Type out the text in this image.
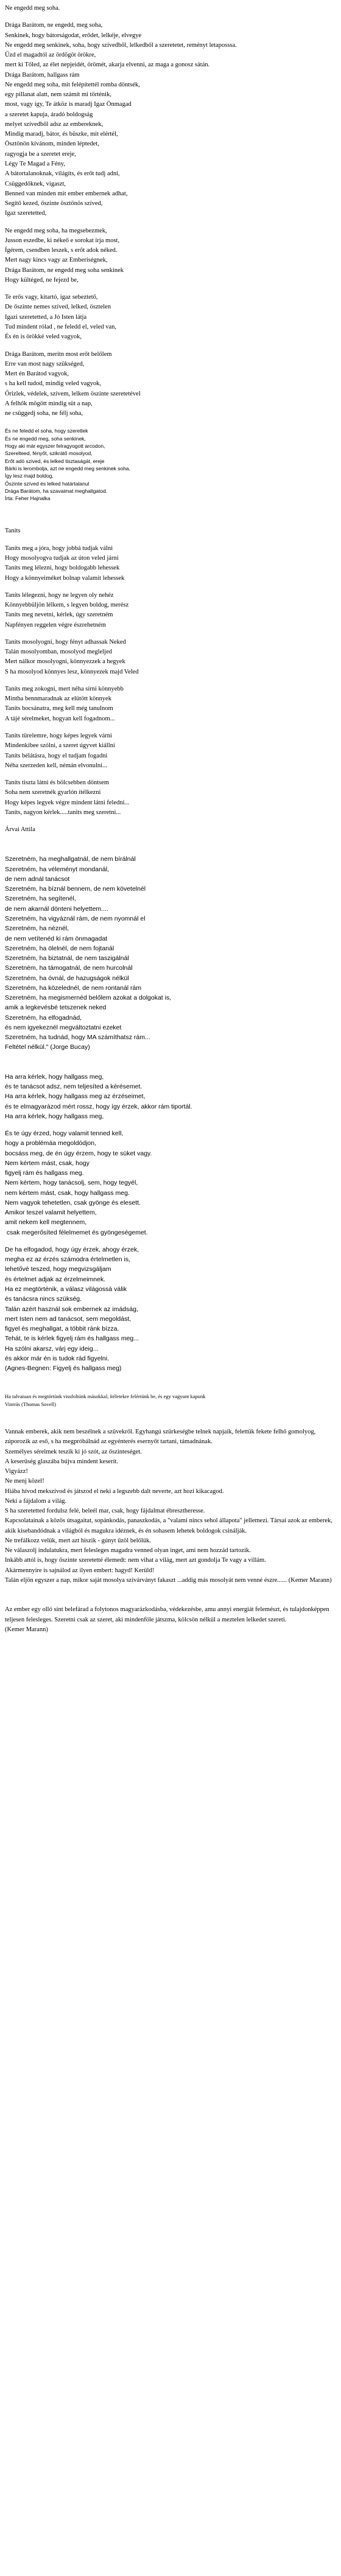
Ne engedd meg soha.
Drága Barátom, ne engedd, meg soha,
Senkinek, hogy bátorságodat, erődet, lelkéje, elvegye
Ne engedd meg senkinek, soha, hogy szívedből, lelkedből a szeretetet, reményt letaposssa.
Űzd el magadtól az ördögöt örökre,
mert ki Tőled, az élet nepjeidét, örömét, akarja elvenni, az maga a gonosz sátán.
Drága Barátom, hallgass rám
Ne engedd meg soha, mit felépítettél romba döntsék,
egy pillanat alatt, nem számít mi történik,
most, vagy így, Te átköz is maradj Igaz Önmagad
a szeretet kapuja, áradó boldogság
melyet szívedből adsz az embereknek,
Mindig maradj, bátor, és büszke, mit elértél,
Ösztönön kívánom, minden léptedet,
ragyogja be a szeretet ereje,
Légy Te Magad a Fény,
A bátortalanoknak, világíts, és erőt tudj adni,
Csüggedőknek, vigaszt,
Benned van minden mit ember embernek adhat,
Segítő kezed, őszinte ösztönös szíved,
Igaz szeretetted,
Ne engedd meg soha, ha megsebezmek,
Jusson eszedbe, ki nékeő e sorokat írja most,
Ígérem, csendben leszek, s erőt adok néked.
Mert nagy kincs vagy az Emberiségnek,
Drága Barátom, ne engedd meg soha senkinek
Hogy kültéged, ne fejezd be,
Te erős vagy, kitartó, igaz sebeztető,
De őszinte nemes szíved, lelked, ösztelen
Igazi szeretetted, a Jó Isten látja
Tud mindent rólad , ne feledd el, veled van,
És én is örökké veled vagyok,
Drága Barátom, merítn most erőt belőlem
Erre van most nagy szükséged,
Mert én Barátod vagyok,
s ha kell tudod, mindig veled vagyok,
Őrizlek, védelek, szívem, lelkem öszinte szeretetével
A felhők mögött mindig süt a nap,
ne csüggedj soha, ne félj soha,
És ne feledd el soha, hogy szeretlek
És ne engedd meg, soha senkinek,
Hogy aki már egyszer felragyogott arcodon,
Szerelteed, fényőt, szikrátő mosolyod,
Erőt adó szived, és lelked tisztaságát, ereje
Bárki is lerombolja, azt ne engedd meg senkinek soha,
Így lesz majd boldog,
Őszinte szíved és lelked határtalanul
Drága Barátom, ha szavaimat meghallgatod.
Írta: Feher Hajnalka
Tanits
Taníts meg a jóra, hogy jobbá tudjak válni
Hogy mosolyogva tudjak az úton veled járni
Taníts meg lélezni, hogy boldogabb lehessek
Hogy a könnyeiméket bolnap valamit lehessek
Taníts lélegezni, hogy ne legyen oly nehéz
Könnyebbüljön lélkem, s legyen boldog, merész
Taníts meg nevetni, kérlek, úgy szeretném
Napfényen reggelen végre észrehetném
Taníts mosolyogni, hogy fényt adhassak Neked
Talán mosolyomban, mosolyod megleljed
Mert nálkor mosolyogni, könnyezzek a hegyek
S ha mosolyod könnyes lesz, könnyezek majd Veled
Taníts meg zokogni, mert néha sírni könnyebb
Mintha bennmaradnak az elütött könnyek
Taníts bocsánatra, meg kell még tanulnom
A tájé sérelmeket, hogyan kell fogadnom...
Taníts türelemre, hogy képes legyek várni
Mindenkibee szólni, a szeret úgyvet kiállni
Taníts bélátásra, hogy el tudjam fogadni
Néha szerzeden kell, némán elvonulni...
Taníts tiszta látni és bölcsebben döntsem
Soha nem szeretnék gyarlón ítélkezni
Hogy képes legyek végre mindent látni feledni...
Taníts, nagyon kérlek.....taníts meg szeretni...
Árvai Attila
Szeretném, ha meghallgatnál, de nem bírálnál
Szeretném, ha véleményt mondanál,
de nem adnál tanácsot
Szeretném, ha bíznál bennem, de nem követelnél
Szeretném, ha segítenél,
de nem akarnál dönteni helyettem....
Szeretném, ha vigyáznál rám, de nem nyomnál el
Szeretném, ha néznél,
de nem vetítenéd ki rám önmagadat
Szeretném, ha ölelnél, de nem fojtanál
Szeretném, ha biztatnál, de nem taszigálnál
Szeretném, ha támogatnál, de nem hurcolnál
Szeretném, ha óvnál, de hazugságok nélkül
Szeretném, ha közelednél, de nem rontanál rám
Szeretném, ha megismernéd belőlem azokat a dolgokat is,
amik a legkevésbé tetszenek neked
Szeretném, ha elfogadnád,
és nem igyekeznél megváltoztatni ezeket
Szeretném, ha tudnád, hogy MA számíthatsz rám...
Feltétel nélkül." (Jorge Bucay)
Ha arra kérlek, hogy hallgass meg,
és te tanácsot adsz, nem teljesíted a kérésemet.
Ha arra kérlek, hogy hallgass meg az érzéseimet,
és te elmagyarázod mért rossz, hogy így érzek, akkor rám tiportál.
Ha arra kérlek, hogy hallgass meg,
És te úgy érzed, hogy valamit tenned kell,
hogy a problémáa megoldódjon,
bocsáss meg, de én úgy érzem, hogy te süket vagy.
Nem kértem mást, csak, hogy
figyelj rám és hallgass meg.
Nem kértem, hogy tanácsolj, sem, hogy tegyél,
nem kértem mást, csak, hogy hallgass meg.
Nem vagyok tehetetlen, csak gyönge és elesett.
Amikor teszel valamit helyettem,
amit nekem kell megtennem,
csak megerősíted félelmemet és gyöngeségemet.
De ha elfogadod, hogy úgy érzek, ahogy érzek,
megha ez az érzés számodra értelmetlen is,
lehetővé teszed, hogy megvizsgáljam
és értelmet adjak az érzelmeimnek.
Ha ez megtörténik, a válasz világossá válik
és tanácsra nincs szükség.
Talán azért használ sok embernek az imádság,
mert Isten nem ad tanácsot, sem megoldást,
figyel és meghallgat, a többit ránk bízza.
Tehát, te is kérlek figyelj rám és hallgass meg...
Ha szólni akarsz, várj egy ideig...
és akkor már én is tudok rád figyelni.
(Agnes-Begnen: Figyelj és hallgass meg)
Ha talvaiuan és megtörtünk vissfoltúnk másokkal, ítéletekre felértünk be, és egy vagyunt kapunk
Vinrrás (Thomas Sovell)
Vannak emberek, akik nem beszélnek a szüvekről. Egyhangú szürkeségbe telnek napjaik, felettük fekete felhő gomolyog, zúporozik az eső, s ha megpróbálnád az egyénterés esernyőt tartani, támadnának.
Személyes sérelmek teszik ki jó szót, az őszinteséget.
A keserűség glaszába bújva mindent keserít.
Vigyázz!
Ne menj közel!
Hiába hívod mekszívod és játszod el neki a legszebb dalt neverte, azt hozi kikacagod.
Neki a fájdalom a világ.
S ha szeretetted fordulsz felé, beleél mar, csak, hogy fájdalmat ébresztheresse.
Kapcsolatainak a közös útsagaitat, sopánkodás, panaszkodás, a "valami nincs sehol állapota" jellemezi. Társai azok az emberek, akik kisebandódnak a világból és magukra idéznek, és én sohasem lehetek boldogok csinálják.
Ne trefálkozz velük, mert azt hiszik - gúnyt űzöl belőlük.
Ne válaszolj indulatukra, mert felesleges magadra venned olyan inget, ami nem hozzád tartozik.
Inkább attól is, hogy őszinte szeretetté élemedt: nem vihat a világ, mert azt gondolja Te vagy a villám.
Akármennyire is sajnálod az ilyen embert: hagyd! Kerüld!
Talán eljön egyszer a nap, mikor saját mosolya szivárványt fakaszt ...addig más mosolyát nem venné észre...... (Kemer Marann)
Az ember egy olló sínt belefárad a folytonos magyarázkodásba, védekezésbe, amu annyi energiát felemészt, és tulajdonképpen teljesen felesleges. Szeretni csak az szeret, aki mindenföle játszma, kölcsön nélkül a meztelen lelkedet szereti.
(Kemer Marann)
